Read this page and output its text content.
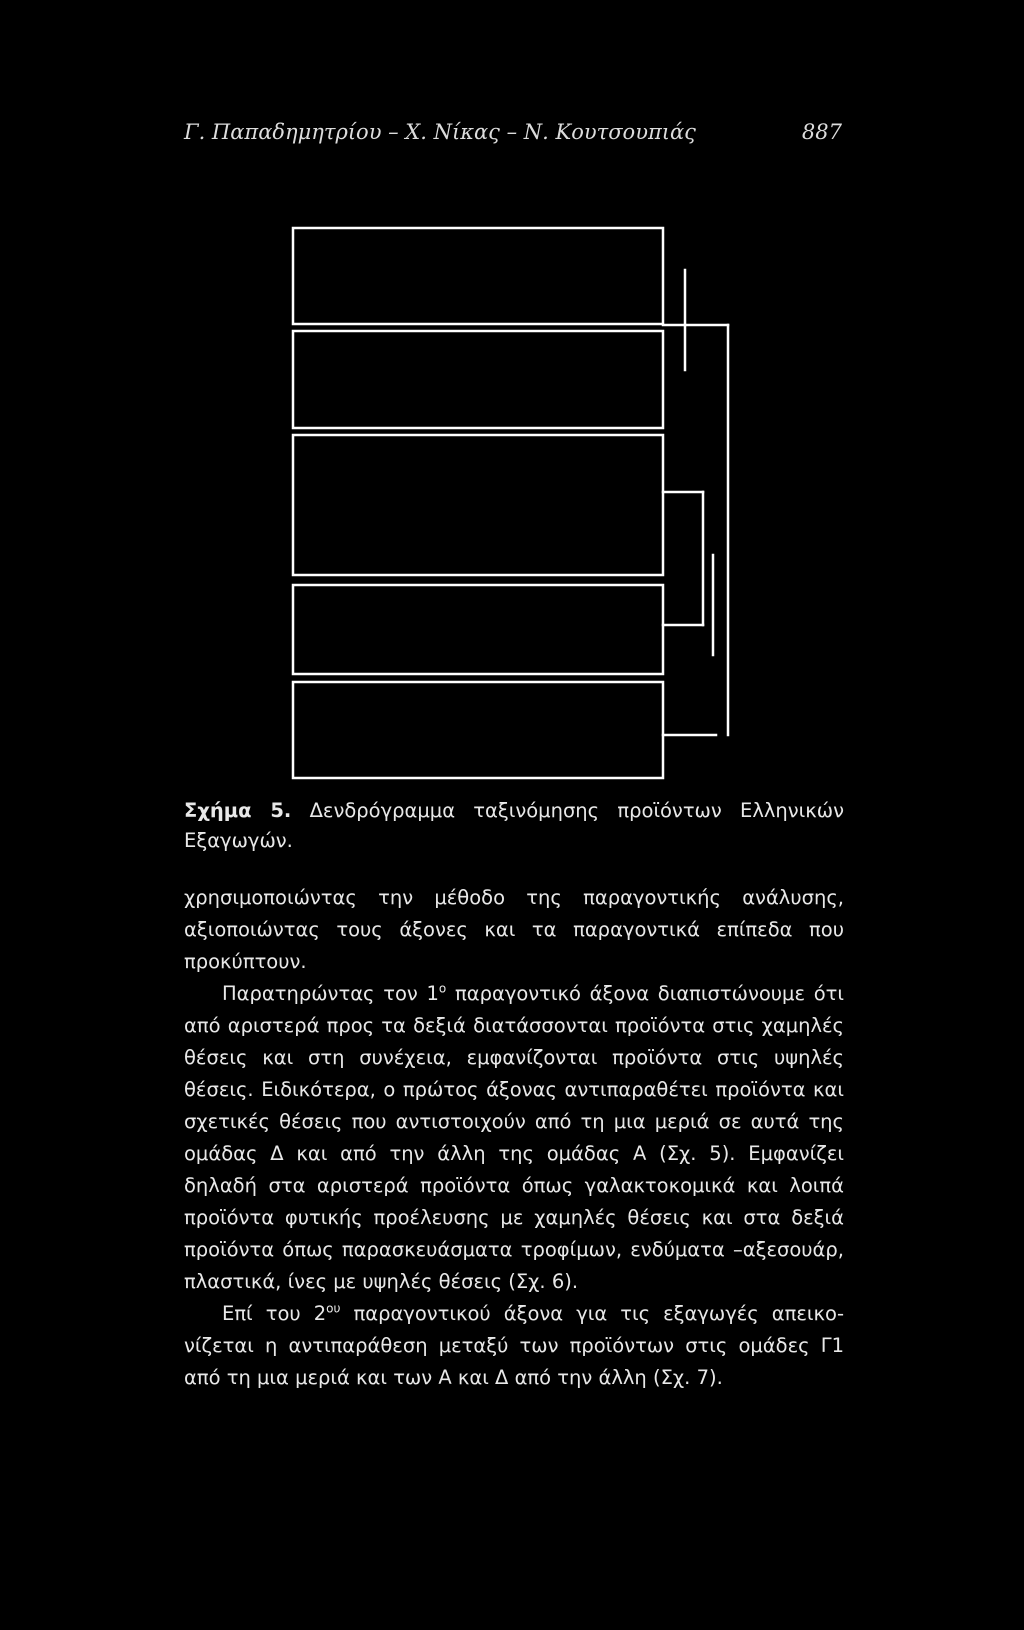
Γ. Παπαδημητρίου – Χ. Νίκας – Ν. Κουτσουπιάς	887
Σχήμα 5. Δενδρόγραμμα ταξινόμησης προϊόντων Ελληνικών Εξαγωγών.

χρησιμοποιώντας την μέθοδο της παραγοντικής ανάλυσης, αξιοποιώντας τους άξονες και τα παραγοντικά επίπεδα που προκύπτουν.

Παρατηρώντας τον $1^o$ παραγοντικό άξονα διαπιστώνουμε ότι από αριστερά προς τα δεξιά διατάσσονται προϊόντα στις χαμηλές θέσεις και στη συνέχεια, εμφανίζονται προϊόντα στις υψηλές θέσεις. Ειδικότερα, ο πρώτος άξονας αντιπαραθέτει προϊόντα και σχετικές θέσεις που αντιστοιχούν από τη μια μεριά σε αυτά της ομάδας Δ και από την άλλη της ομάδας Α (Σχ. 5). Εμφανίζει δηλαδή στα αριστερά προϊόντα όπως γαλακτοκομικά και λοιπά προϊόντα φυτικής προέλευσης με χαμηλές θέσεις και στα δεξιά προϊόντα όπως παρασκευάσματα τροφίμων, ενδύματα –αξεσουάρ, πλαστικά, ίνες με υψηλές θέσεις (Σχ. 6).

Επί του $2^{o\upsilon}$ παραγοντικού άξονα για τις εξαγωγές απεικονίζεται η αντιπαράθεση μεταξύ των προϊόντων στις ομάδες Γ1 από τη μια μεριά και των Α και Δ από την άλλη (Σχ. 7).
